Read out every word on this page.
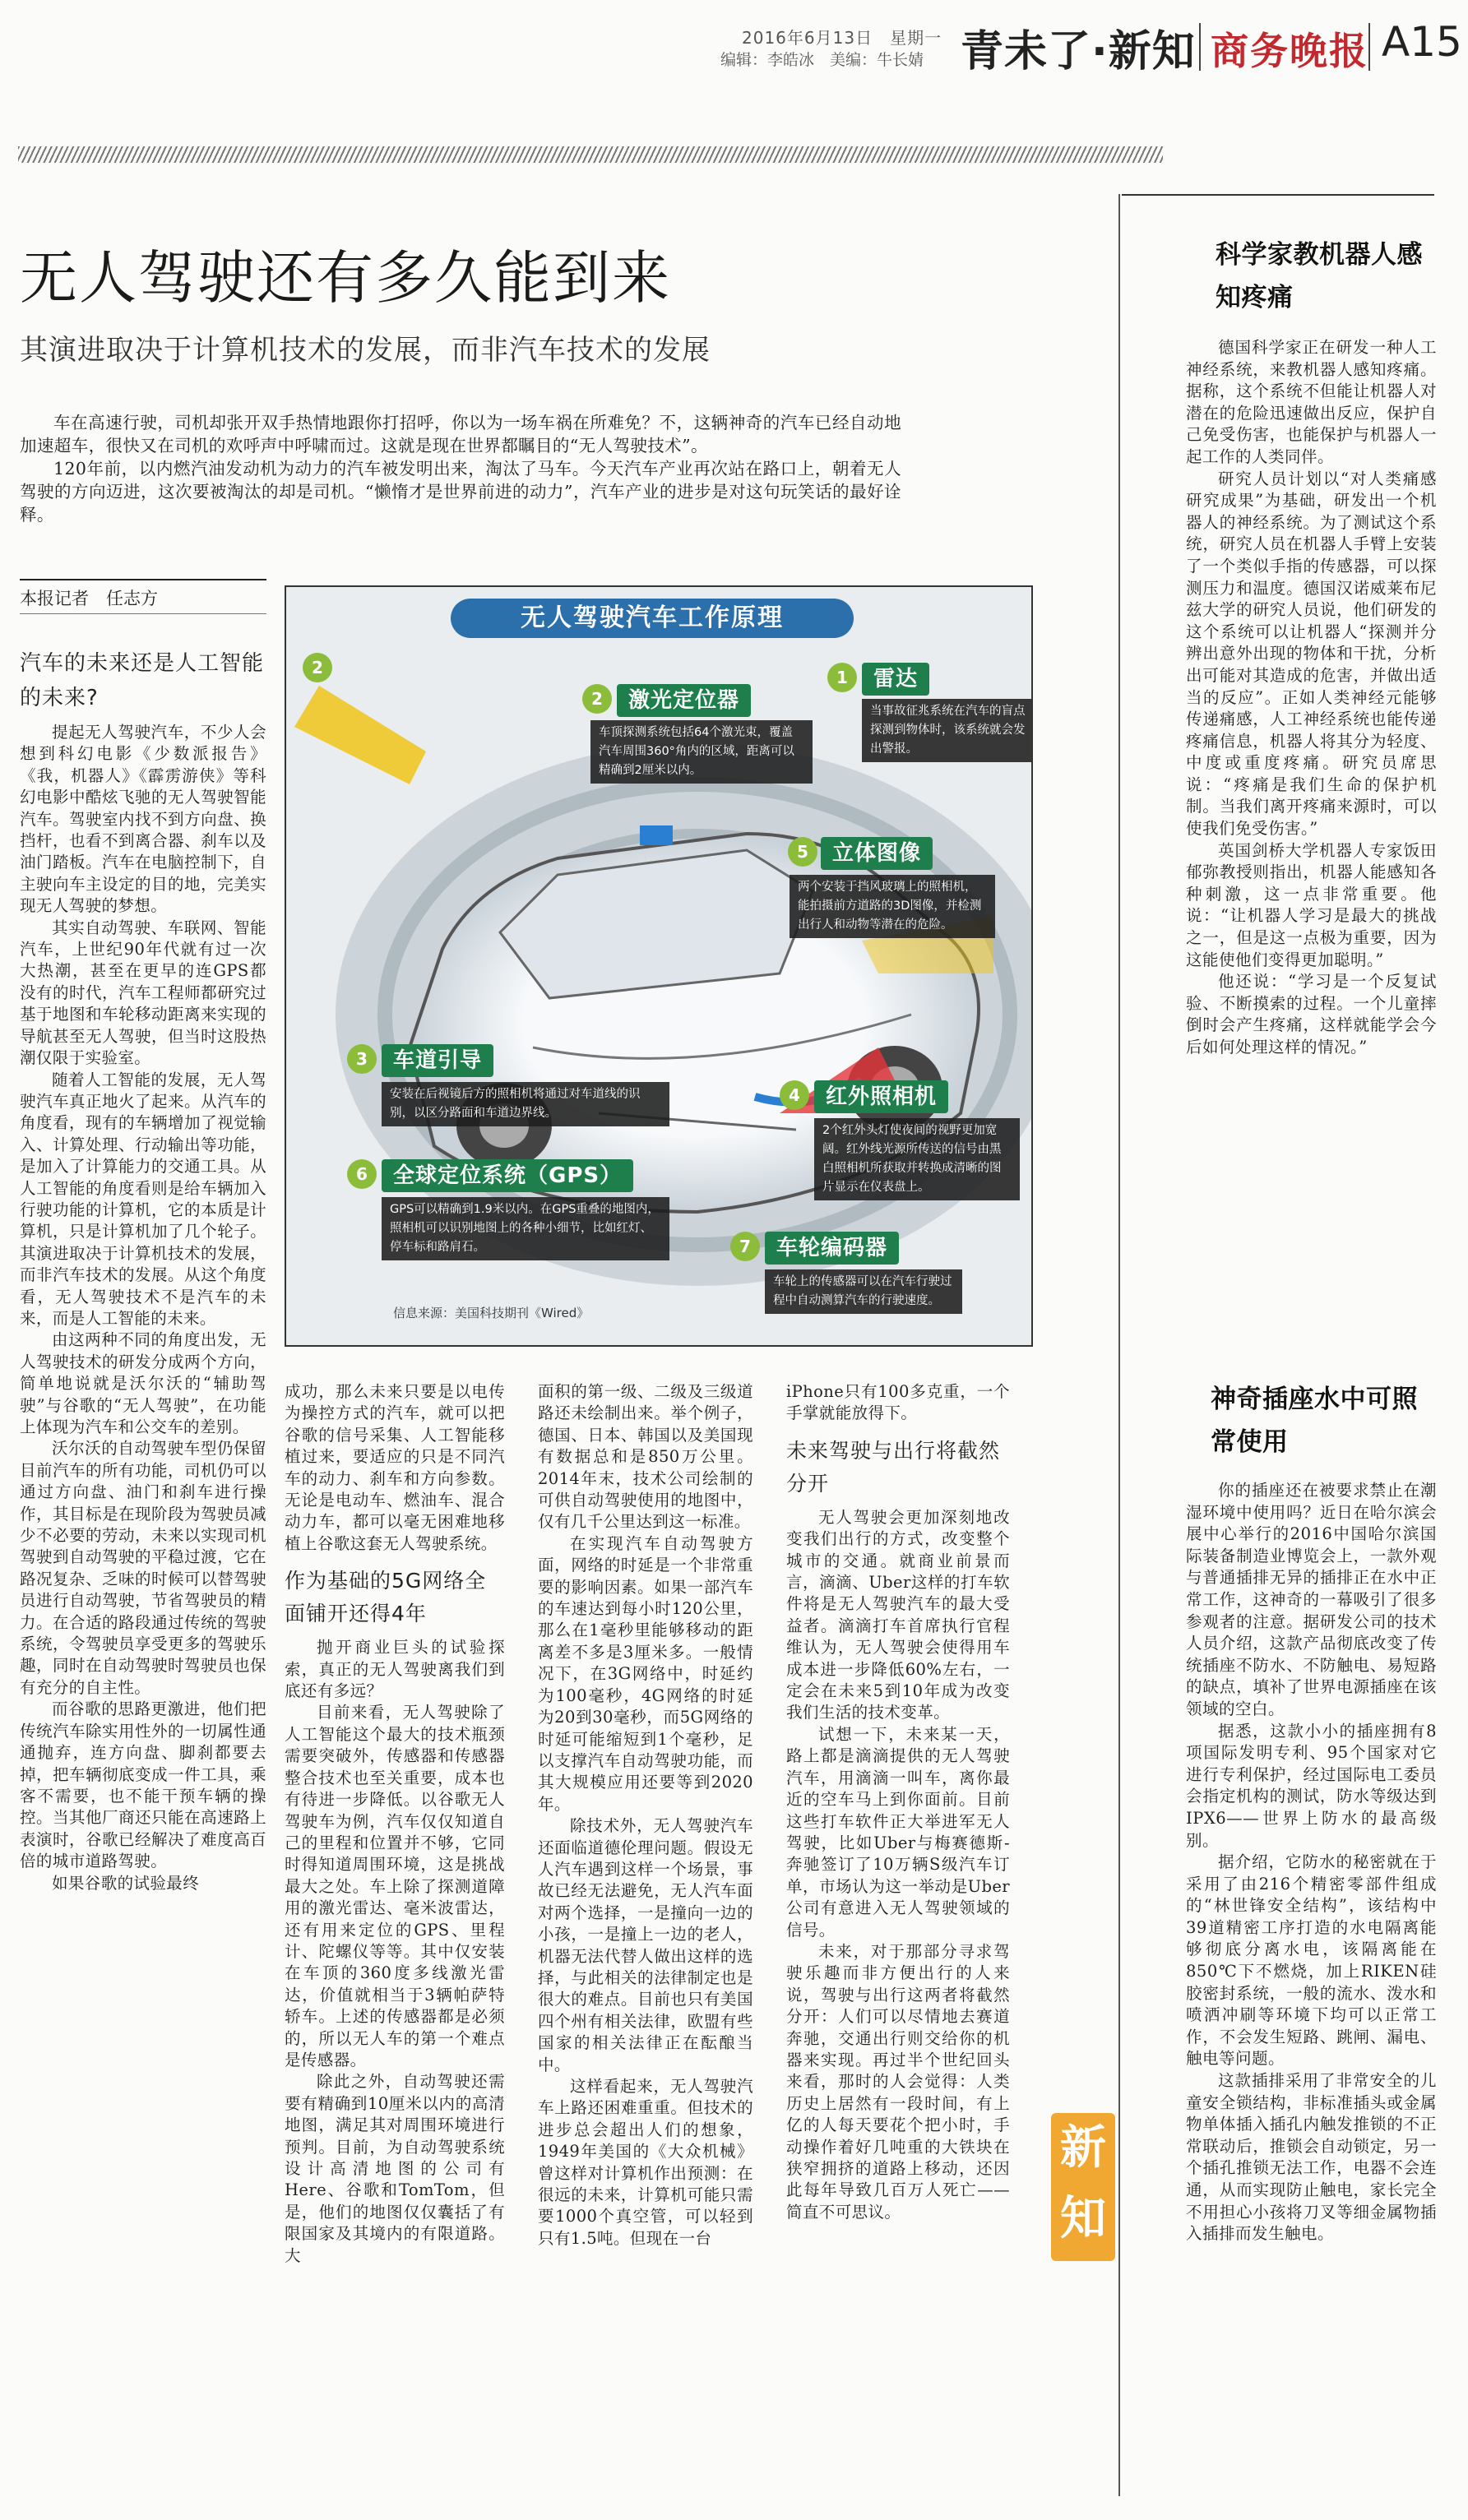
2016年6月13日　星期一
编辑：李皓冰　美编：牛长婧 青未了·新知 商务晚报 A15
无人驾驶还有多久能到来
其演进取决于计算机技术的发展，而非汽车技术的发展

车在高速行驶，司机却张开双手热情地跟你打招呼，你以为一场车祸在所难免？不，这辆神奇的汽车已经自动地加速超车，很快又在司机的欢呼声中呼啸而过。这就是现在世界都瞩目的“无人驾驶技术”。

120年前，以内燃汽油发动机为动力的汽车被发明出来，淘汰了马车。今天汽车产业再次站在路口上，朝着无人驾驶的方向迈进，这次要被淘汰的却是司机。“懒惰才是世界前进的动力”，汽车产业的进步是对这句玩笑话的最好诠释。

本报记者　任志方
汽车的未来还是人工智能的未来?

提起无人驾驶汽车，不少人会想到科幻电影《少数派报告》《我，机器人》《霹雳游侠》等科幻电影中酷炫飞驰的无人驾驶智能汽车。驾驶室内找不到方向盘、换挡杆，也看不到离合器、刹车以及油门踏板。汽车在电脑控制下，自主驶向车主设定的目的地，完美实现无人驾驶的梦想。

其实自动驾驶、车联网、智能汽车，上世纪90年代就有过一次大热潮，甚至在更早的连GPS都没有的时代，汽车工程师都研究过基于地图和车轮移动距离来实现的导航甚至无人驾驶，但当时这股热潮仅限于实验室。

随着人工智能的发展，无人驾驶汽车真正地火了起来。从汽车的角度看，现有的车辆增加了视觉输入、计算处理、行动输出等功能，是加入了计算能力的交通工具。从人工智能的角度看则是给车辆加入行驶功能的计算机，它的本质是计算机，只是计算机加了几个轮子。其演进取决于计算机技术的发展，而非汽车技术的发展。从这个角度看，无人驾驶技术不是汽车的未来，而是人工智能的未来。

由这两种不同的角度出发，无人驾驶技术的研发分成两个方向，简单地说就是沃尔沃的“辅助驾驶”与谷歌的“无人驾驶”，在功能上体现为汽车和公交车的差别。

沃尔沃的自动驾驶车型仍保留目前汽车的所有功能，司机仍可以通过方向盘、油门和刹车进行操作，其目标是在现阶段为驾驶员减少不必要的劳动，未来以实现司机驾驶到自动驾驶的平稳过渡，它在路况复杂、乏味的时候可以替驾驶员进行自动驾驶，节省驾驶员的精力。在合适的路段通过传统的驾驶系统，令驾驶员享受更多的驾驶乐趣，同时在自动驾驶时驾驶员也保有充分的自主性。

而谷歌的思路更激进，他们把传统汽车除实用性外的一切属性通通抛弃，连方向盘、脚刹都要去掉，把车辆彻底变成一件工具，乘客不需要，也不能干预车辆的操控。当其他厂商还只能在高速路上表演时，谷歌已经解决了难度高百倍的城市道路驾驶。

如果谷歌的试验最终

无人驾驶汽车工作原理
1	雷达
当事故征兆系统在汽车的盲点探测到物体时，该系统就会发出警报。
2
2	激光定位器
车顶探测系统包括64个激光束，覆盖汽车周围360°角内的区域，距离可以精确到2厘米以内。
5	立体图像
两个安装于挡风玻璃上的照相机，能拍摄前方道路的3D图像，并检测出行人和动物等潜在的危险。
3	车道引导
安装在后视镜后方的照相机将通过对车道线的识别，以区分路面和车道边界线。
6	全球定位系统（GPS）
GPS可以精确到1.9米以内。在GPS重叠的地图内，照相机可以识别地图上的各种小细节，比如红灯、停车标和路肩石。
4	红外照相机
2个红外头灯使夜间的视野更加宽阔。红外线光源所传送的信号由黑白照相机所获取并转换成清晰的图片显示在仪表盘上。
7	车轮编码器
车轮上的传感器可以在汽车行驶过程中自动测算汽车的行驶速度。
信息来源：美国科技期刊《Wired》

成功，那么未来只要是以电传为操控方式的汽车，就可以把谷歌的信号采集、人工智能移植过来，要适应的只是不同汽车的动力、刹车和方向参数。无论是电动车、燃油车、混合动力车，都可以毫无困难地移植上谷歌这套无人驾驶系统。

作为基础的5G网络全面铺开还得4年

抛开商业巨头的试验探索，真正的无人驾驶离我们到底还有多远？

目前来看，无人驾驶除了人工智能这个最大的技术瓶颈需要突破外，传感器和传感器整合技术也至关重要，成本也有待进一步降低。以谷歌无人驾驶车为例，汽车仅仅知道自己的里程和位置并不够，它同时得知道周围环境，这是挑战最大之处。车上除了探测道障用的激光雷达、毫米波雷达，还有用来定位的GPS、里程计、陀螺仪等等。其中仅安装在车顶的360度多线激光雷达，价值就相当于3辆帕萨特轿车。上述的传感器都是必须的，所以无人车的第一个难点是传感器。

除此之外，自动驾驶还需要有精确到10厘米以内的高清地图，满足其对周围环境进行预判。目前，为自动驾驶系统设计高清地图的公司有Here、谷歌和TomTom，但是，他们的地图仅仅囊括了有限国家及其境内的有限道路。大

面积的第一级、二级及三级道路还未绘制出来。举个例子，德国、日本、韩国以及美国现有数据总和是850万公里。2014年末，技术公司绘制的可供自动驾驶使用的地图中，仅有几千公里达到这一标准。

在实现汽车自动驾驶方面，网络的时延是一个非常重要的影响因素。如果一部汽车的车速达到每小时120公里，那么在1毫秒里能够移动的距离差不多是3厘米多。一般情况下，在3G网络中，时延约为100毫秒，4G网络的时延为20到30毫秒，而5G网络的时延可能缩短到1个毫秒，足以支撑汽车自动驾驶功能，而其大规模应用还要等到2020年。

除技术外，无人驾驶汽车还面临道德伦理问题。假设无人汽车遇到这样一个场景，事故已经无法避免，无人汽车面对两个选择，一是撞向一边的小孩，一是撞上一边的老人，机器无法代替人做出这样的选择，与此相关的法律制定也是很大的难点。目前也只有美国四个州有相关法律，欧盟有些国家的相关法律正在酝酿当中。

这样看起来，无人驾驶汽车上路还困难重重。但技术的进步总会超出人们的想象，1949年美国的《大众机械》曾这样对计算机作出预测：在很远的未来，计算机可能只需要1000个真空管，可以轻到只有1.5吨。但现在一台

iPhone只有100多克重，一个手掌就能放得下。

未来驾驶与出行将截然分开

无人驾驶会更加深刻地改变我们出行的方式，改变整个城市的交通。就商业前景而言，滴滴、Uber这样的打车软件将是无人驾驶汽车的最大受益者。滴滴打车首席执行官程维认为，无人驾驶会使得用车成本进一步降低60%左右，一定会在未来5到10年成为改变我们生活的技术变革。

试想一下，未来某一天，路上都是滴滴提供的无人驾驶汽车，用滴滴一叫车，离你最近的空车马上到你面前。目前这些打车软件正大举进军无人驾驶，比如Uber与梅赛德斯-奔驰签订了10万辆S级汽车订单，市场认为这一举动是Uber公司有意进入无人驾驶领域的信号。

未来，对于那部分寻求驾驶乐趣而非方便出行的人来说，驾驶与出行这两者将截然分开：人们可以尽情地去赛道奔驰，交通出行则交给你的机器来实现。再过半个世纪回头来看，那时的人会觉得：人类历史上居然有一段时间，有上亿的人每天要花个把小时，手动操作着好几吨重的大铁块在狭窄拥挤的道路上移动，还因此每年导致几百万人死亡——简直不可思议。

科学家教机器人感知疼痛

德国科学家正在研发一种人工神经系统，来教机器人感知疼痛。据称，这个系统不但能让机器人对潜在的危险迅速做出反应，保护自己免受伤害，也能保护与机器人一起工作的人类同伴。

研究人员计划以“对人类痛感研究成果”为基础，研发出一个机器人的神经系统。为了测试这个系统，研究人员在机器人手臂上安装了一个类似手指的传感器，可以探测压力和温度。德国汉诺威莱布尼兹大学的研究人员说，他们研发的这个系统可以让机器人“探测并分辨出意外出现的物体和干扰，分析出可能对其造成的危害，并做出适当的反应”。正如人类神经元能够传递痛感，人工神经系统也能传递疼痛信息，机器人将其分为轻度、中度或重度疼痛。研究员席思说：“疼痛是我们生命的保护机制。当我们离开疼痛来源时，可以使我们免受伤害。”

英国剑桥大学机器人专家饭田郁弥教授则指出，机器人能感知各种刺激，这一点非常重要。他说：“让机器人学习是最大的挑战之一，但是这一点极为重要，因为这能使他们变得更加聪明。”

他还说：“学习是一个反复试验、不断摸索的过程。一个儿童摔倒时会产生疼痛，这样就能学会今后如何处理这样的情况。”

神奇插座水中可照常使用

你的插座还在被要求禁止在潮湿环境中使用吗？近日在哈尔滨会展中心举行的2016中国哈尔滨国际装备制造业博览会上，一款外观与普通插排无异的插排正在水中正常工作，这神奇的一幕吸引了很多参观者的注意。据研发公司的技术人员介绍，这款产品彻底改变了传统插座不防水、不防触电、易短路的缺点，填补了世界电源插座在该领域的空白。

据悉，这款小小的插座拥有8项国际发明专利、95个国家对它进行专利保护，经过国际电工委员会指定机构的测试，防水等级达到IPX6——世界上防水的最高级别。

据介绍，它防水的秘密就在于采用了由216个精密零部件组成的“林世锋安全结构”，该结构中39道精密工序打造的水电隔离能够彻底分离水电，该隔离能在850℃下不燃烧，加上RIKEN硅胶密封系统，一般的流水、泼水和喷洒冲刷等环境下均可以正常工作，不会发生短路、跳闸、漏电、触电等问题。

这款插排采用了非常安全的儿童安全锁结构，非标准插头或金属物单体插入插孔内触发推锁的不正常联动后，推锁会自动锁定，另一个插孔推锁无法工作，电器不会连通，从而实现防止触电，家长完全不用担心小孩将刀叉等细金属物插入插排而发生触电。

新
知
